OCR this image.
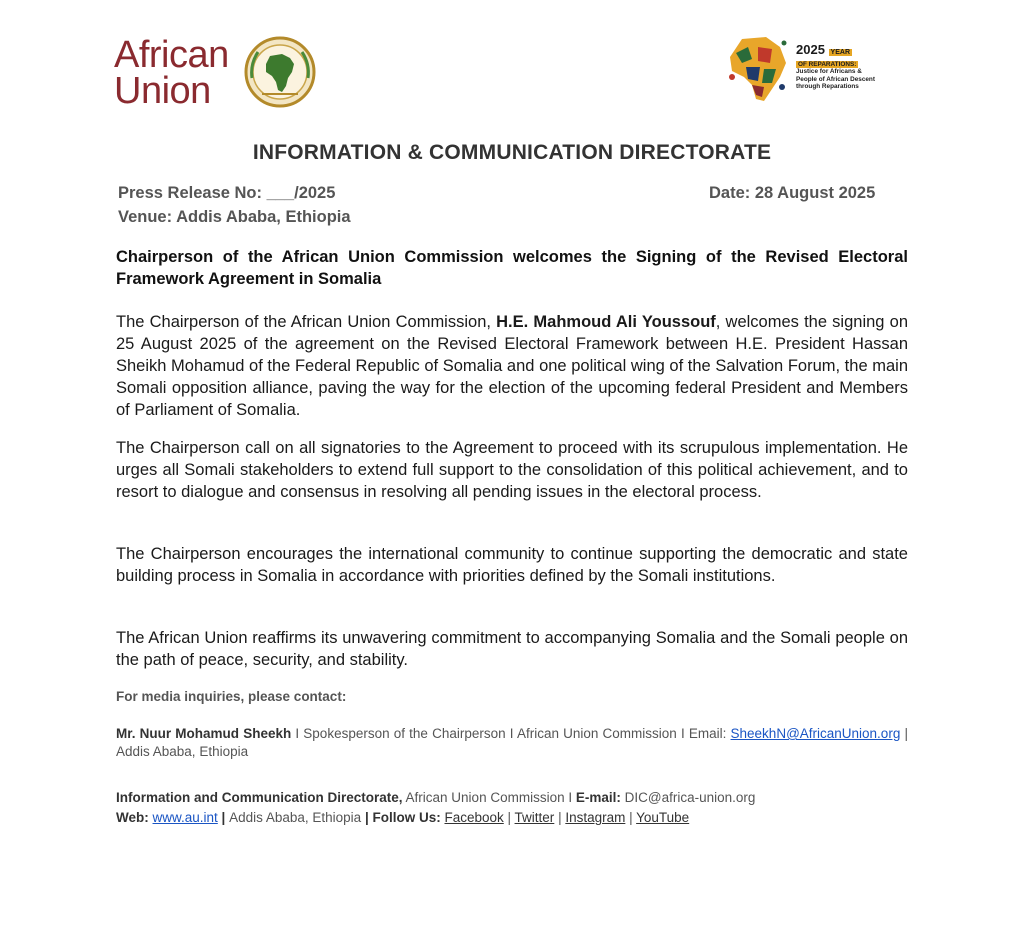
African
Union
2025 YEAR
OF REPARATIONS:
Justice for Africans &
People of African Descent
through Reparations
INFORMATION & COMMUNICATION DIRECTORATE
Press Release No: ___/2025
Venue: Addis Ababa, Ethiopia
Date: 28 August 2025
Chairperson of the African Union Commission welcomes the Signing of the Revised Electoral Framework Agreement in Somalia

The Chairperson of the African Union Commission, H.E. Mahmoud Ali Youssouf, welcomes the signing on 25 August 2025 of the agreement on the Revised Electoral Framework between H.E. President Hassan Sheikh Mohamud of the Federal Republic of Somalia and one political wing of the Salvation Forum, the main Somali opposition alliance, paving the way for the election of the upcoming federal President and Members of Parliament of Somalia.

The Chairperson call on all signatories to the Agreement to proceed with its scrupulous implementation. He urges all Somali stakeholders to extend full support to the consolidation of this political achievement, and to resort to dialogue and consensus in resolving all pending issues in the electoral process.

The Chairperson encourages the international community to continue supporting the democratic and state building process in Somalia in accordance with priorities defined by the Somali institutions.

The African Union reaffirms its unwavering commitment to accompanying Somalia and the Somali people on the path of peace, security, and stability.

For media inquiries, please contact:
Mr. Nuur Mohamud Sheekh I Spokesperson of the Chairperson I African Union Commission I Email: SheekhN@AfricanUnion.org | Addis Ababa, Ethiopia
Information and Communication Directorate, African Union Commission I E-mail: DIC@africa-union.org
Web: www.au.int | Addis Ababa, Ethiopia | Follow Us: Facebook | Twitter | Instagram | YouTube
